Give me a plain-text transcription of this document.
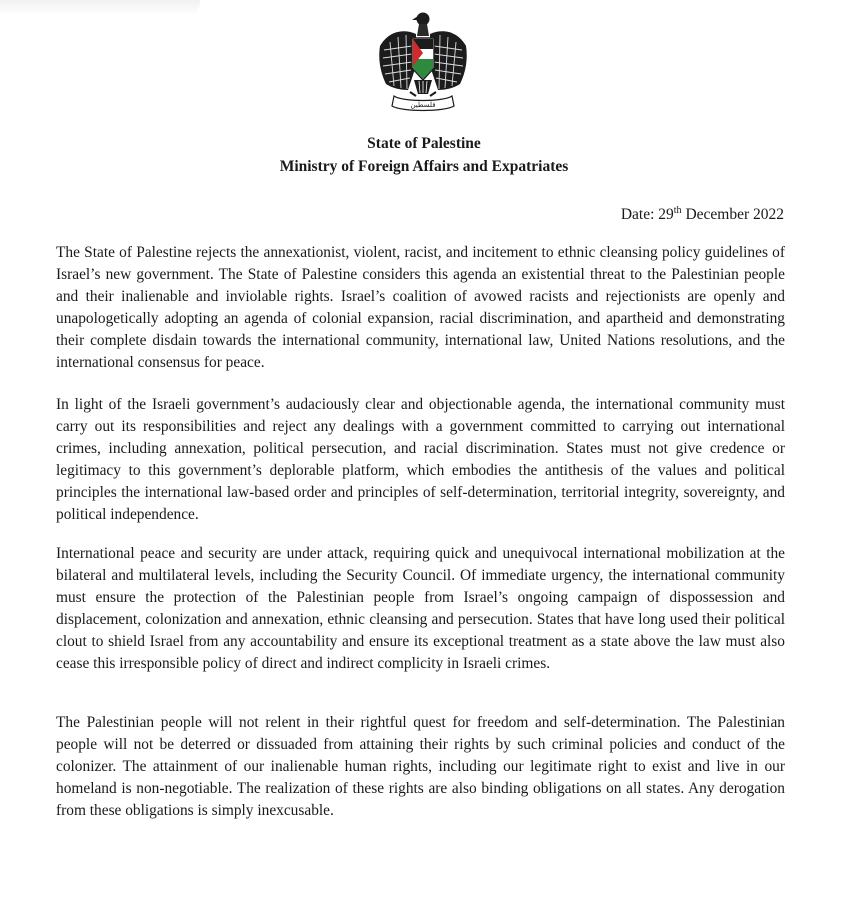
فلسطين
State of Palestine
Ministry of Foreign Affairs and Expatriates
Date: 29th December 2022

The State of Palestine rejects the annexationist, violent, racist, and incitement to ethnic cleansing policy guidelines of Israel’s new government. The State of Palestine considers this agenda an existential threat to the Palestinian people and their inalienable and inviolable rights. Israel’s coalition of avowed racists and rejectionists are openly and unapologetically adopting an agenda of colonial expansion, racial discrimination, and apartheid and demonstrating their complete disdain towards the international community, international law, United Nations resolutions, and the international consensus for peace.

In light of the Israeli government’s audaciously clear and objectionable agenda, the international community must carry out its responsibilities and reject any dealings with a government committed to carrying out international crimes, including annexation, political persecution, and racial discrimination. States must not give credence or legitimacy to this government’s deplorable platform, which embodies the antithesis of the values and political principles the international law-based order and principles of self-determination, territorial integrity, sovereignty, and political independence.

International peace and security are under attack, requiring quick and unequivocal international mobilization at the bilateral and multilateral levels, including the Security Council. Of immediate urgency, the international community must ensure the protection of the Palestinian people from Israel’s ongoing campaign of dispossession and displacement, colonization and annexation, ethnic cleansing and persecution. States that have long used their political clout to shield Israel from any accountability and ensure its exceptional treatment as a state above the law must also cease this irresponsible policy of direct and indirect complicity in Israeli crimes.

The Palestinian people will not relent in their rightful quest for freedom and self-determination. The Palestinian people will not be deterred or dissuaded from attaining their rights by such criminal policies and conduct of the colonizer. The attainment of our inalienable human rights, including our legitimate right to exist and live in our homeland is non-negotiable. The realization of these rights are also binding obligations on all states. Any derogation from these obligations is simply inexcusable.
